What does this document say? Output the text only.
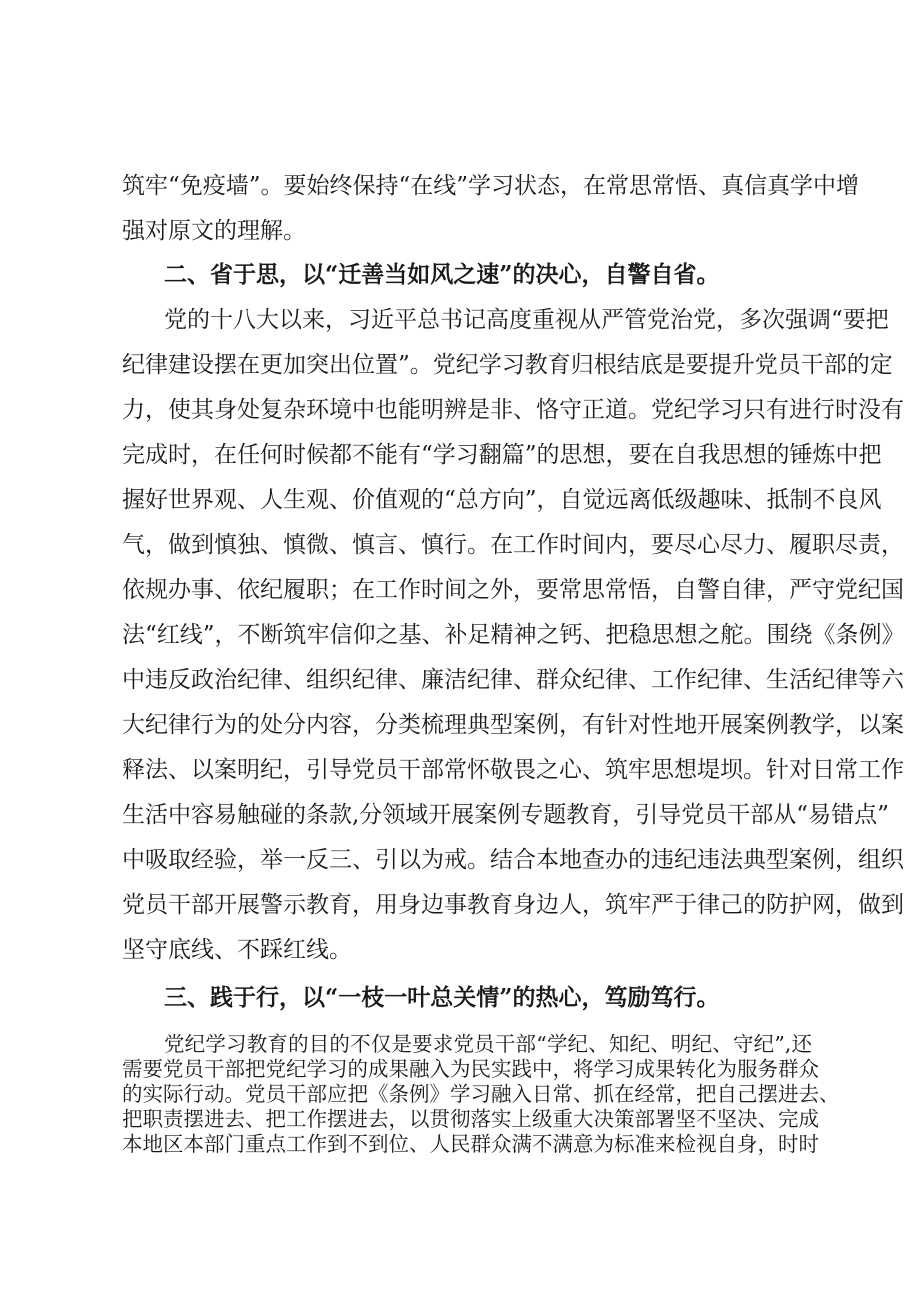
筑牢“免疫墙”。要始终保持“在线”学习状态，在常思常悟、真信真学中增
强对原文的理解。
二、省于思，以“迁善当如风之速”的决心，自警自省。
党的十八大以来，习近平总书记高度重视从严管党治党，多次强调“要把
纪律建设摆在更加突出位置”。党纪学习教育归根结底是要提升党员干部的定
力，使其身处复杂环境中也能明辨是非、恪守正道。党纪学习只有进行时没有
完成时，在任何时候都不能有“学习翻篇”的思想，要在自我思想的锤炼中把
握好世界观、人生观、价值观的“总方向”，自觉远离低级趣味、抵制不良风
气，做到慎独、慎微、慎言、慎行。在工作时间内，要尽心尽力、履职尽责，
依规办事、依纪履职；在工作时间之外，要常思常悟，自警自律，严守党纪国
法“红线”，不断筑牢信仰之基、补足精神之钙、把稳思想之舵。围绕《条例》
中违反政治纪律、组织纪律、廉洁纪律、群众纪律、工作纪律、生活纪律等六
大纪律行为的处分内容，分类梳理典型案例，有针对性地开展案例教学，以案
释法、以案明纪，引导党员干部常怀敬畏之心、筑牢思想堤坝。针对日常工作
生活中容易触碰的条款,分领域开展案例专题教育，引导党员干部从“易错点”
中吸取经验，举一反三、引以为戒。结合本地查办的违纪违法典型案例，组织
党员干部开展警示教育，用身边事教育身边人，筑牢严于律己的防护网，做到
坚守底线、不踩红线。
三、践于行，以“一枝一叶总关情”的热心，笃励笃行。
党纪学习教育的目的不仅是要求党员干部“学纪、知纪、明纪、守纪”,还
需要党员干部把党纪学习的成果融入为民实践中，将学习成果转化为服务群众
的实际行动。党员干部应把《条例》学习融入日常、抓在经常，把自己摆进去、
把职责摆进去、把工作摆进去，以贯彻落实上级重大决策部署坚不坚决、完成
本地区本部门重点工作到不到位、人民群众满不满意为标准来检视自身，时时
